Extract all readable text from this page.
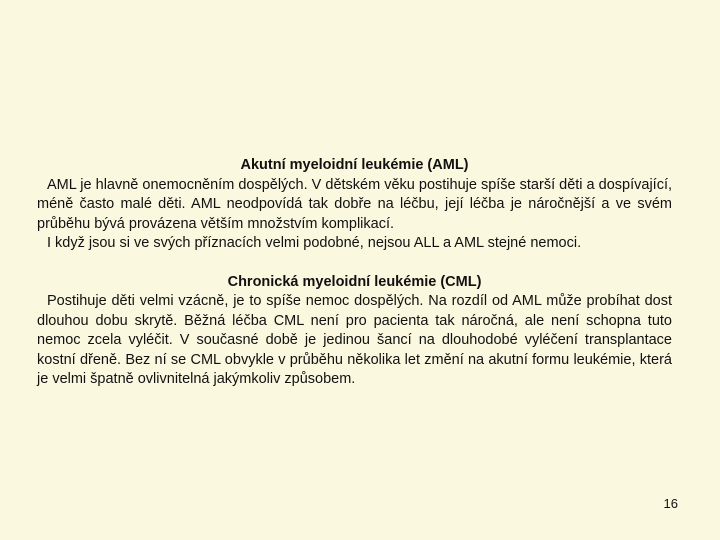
Akutní myeloidní leukémie (AML)

AML je hlavně onemocněním dospělých. V dětském věku postihuje spíše starší děti a dospívající, méně často malé děti. AML neodpovídá tak dobře na léčbu, její léčba je náročnější a ve svém průběhu bývá provázena větším množstvím komplikací.

I když jsou si ve svých příznacích velmi podobné, nejsou ALL a AML stejné nemoci.

Chronická myeloidní leukémie (CML)

Postihuje děti velmi vzácně, je to spíše nemoc dospělých. Na rozdíl od AML může probíhat dost dlouhou dobu skrytě. Běžná léčba CML není pro pacienta tak náročná, ale není schopna tuto nemoc zcela vyléčit. V současné době je jedinou šancí na dlouhodobé vyléčení transplantace kostní dřeně. Bez ní se CML obvykle v průběhu několika let změní na akutní formu leukémie, která je velmi špatně ovlivnitelná jakýmkoliv způsobem.

16
